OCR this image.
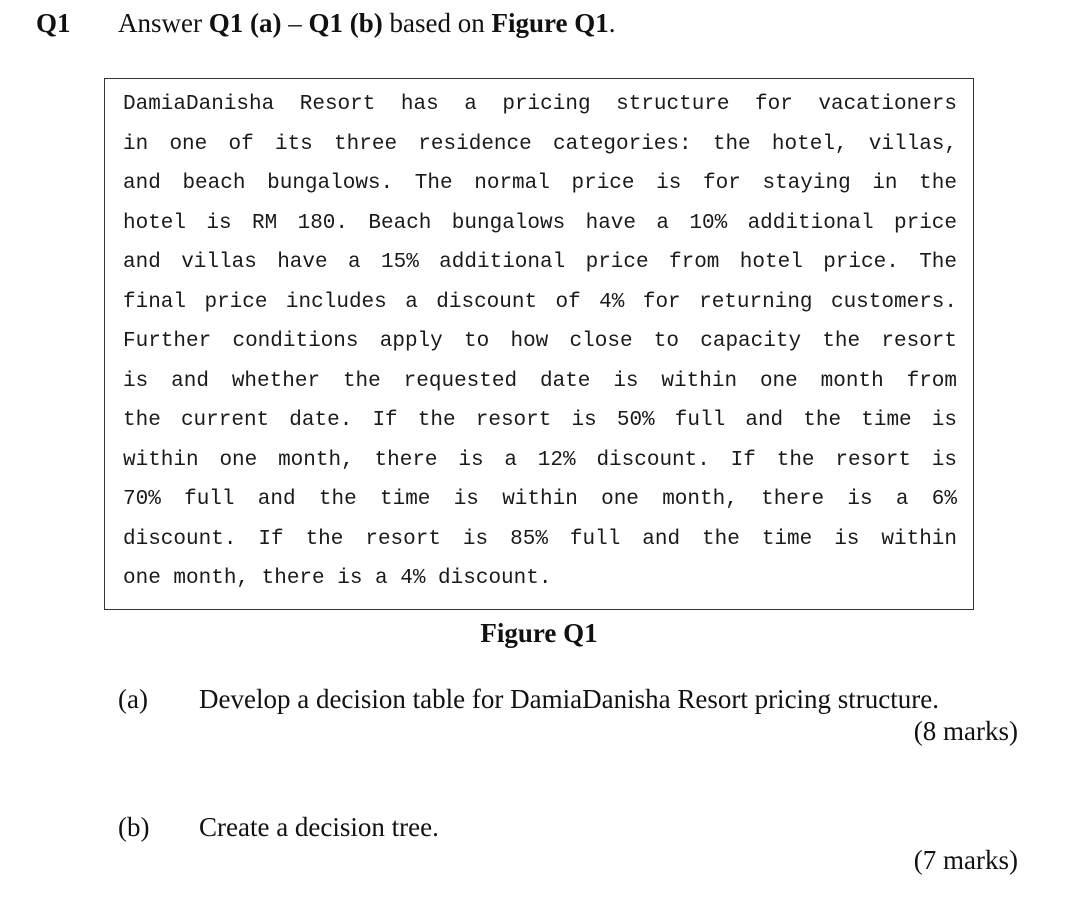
Q1 Answer Q1 (a) – Q1 (b) based on Figure Q1.
DamiaDanisha Resort has a pricing structure for vacationers
in one of its three residence categories: the hotel, villas,
and beach bungalows. The normal price is for staying in the
hotel is RM 180. Beach bungalows have a 10% additional price
and villas have a 15% additional price from hotel price. The
final price includes a discount of 4% for returning customers.
Further conditions apply to how close to capacity the resort
is and whether the requested date is within one month from
the current date. If the resort is 50% full and the time is
within one month, there is a 12% discount. If the resort is
70% full and the time is within one month, there is a 6%
discount. If the resort is 85% full and the time is within
one month, there is a 4% discount.
Figure Q1
(a) Develop a decision table for DamiaDanisha Resort pricing structure.
(8 marks)
(b) Create a decision tree.
(7 marks)
